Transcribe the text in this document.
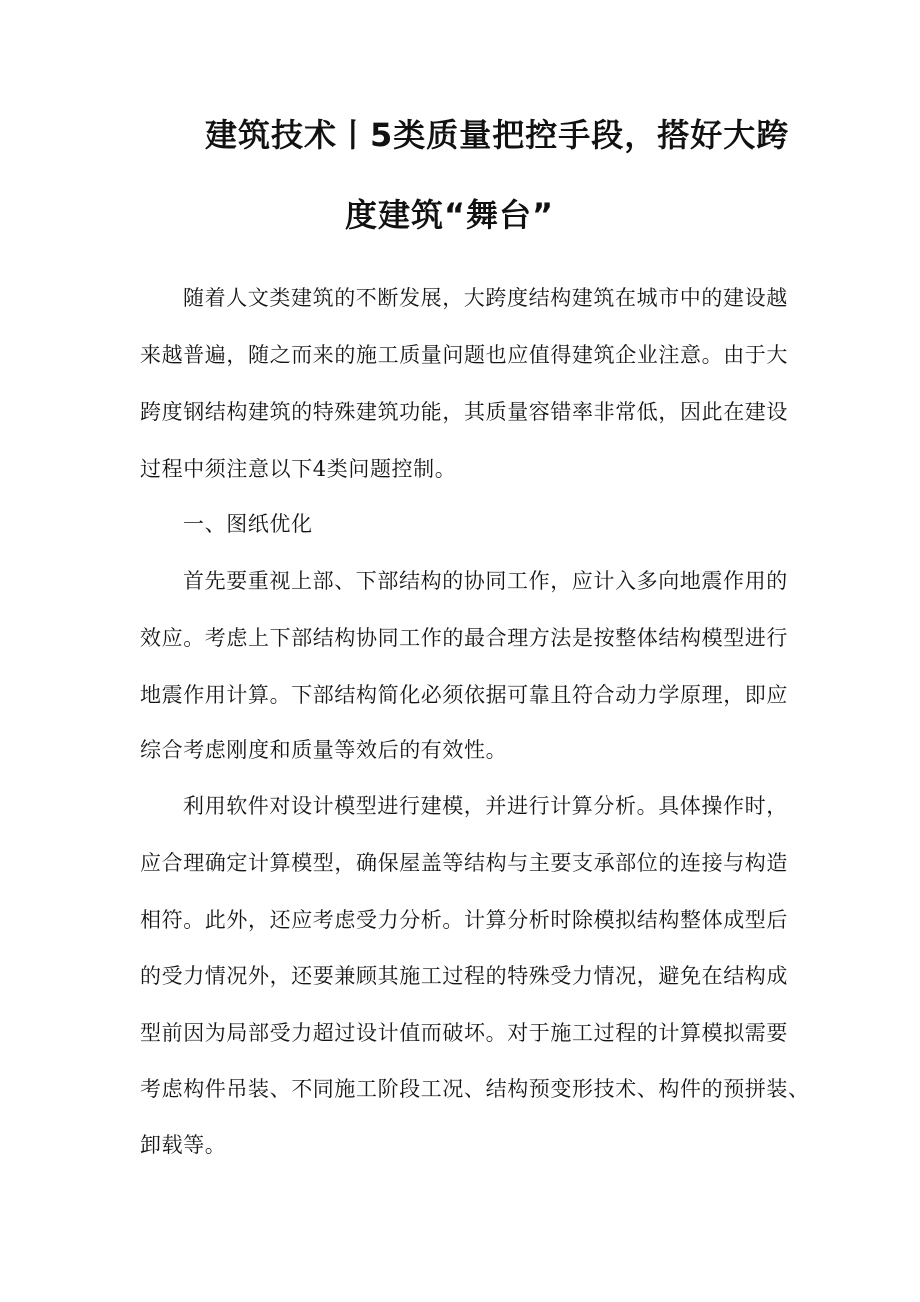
建筑技术丨5类质量把控手段，搭好大跨
度建筑“舞台”
随着人文类建筑的不断发展，大跨度结构建筑在城市中的建设越
来越普遍，随之而来的施工质量问题也应值得建筑企业注意。由于大
跨度钢结构建筑的特殊建筑功能，其质量容错率非常低，因此在建设
过程中须注意以下4类问题控制。
一、图纸优化
首先要重视上部、下部结构的协同工作，应计入多向地震作用的
效应。考虑上下部结构协同工作的最合理方法是按整体结构模型进行
地震作用计算。下部结构简化必须依据可靠且符合动力学原理，即应
综合考虑刚度和质量等效后的有效性。
利用软件对设计模型进行建模，并进行计算分析。具体操作时，
应合理确定计算模型，确保屋盖等结构与主要支承部位的连接与构造
相符。此外，还应考虑受力分析。计算分析时除模拟结构整体成型后
的受力情况外，还要兼顾其施工过程的特殊受力情况，避免在结构成
型前因为局部受力超过设计值而破坏。对于施工过程的计算模拟需要
考虑构件吊装、不同施工阶段工况、结构预变形技术、构件的预拼装、
卸载等。
